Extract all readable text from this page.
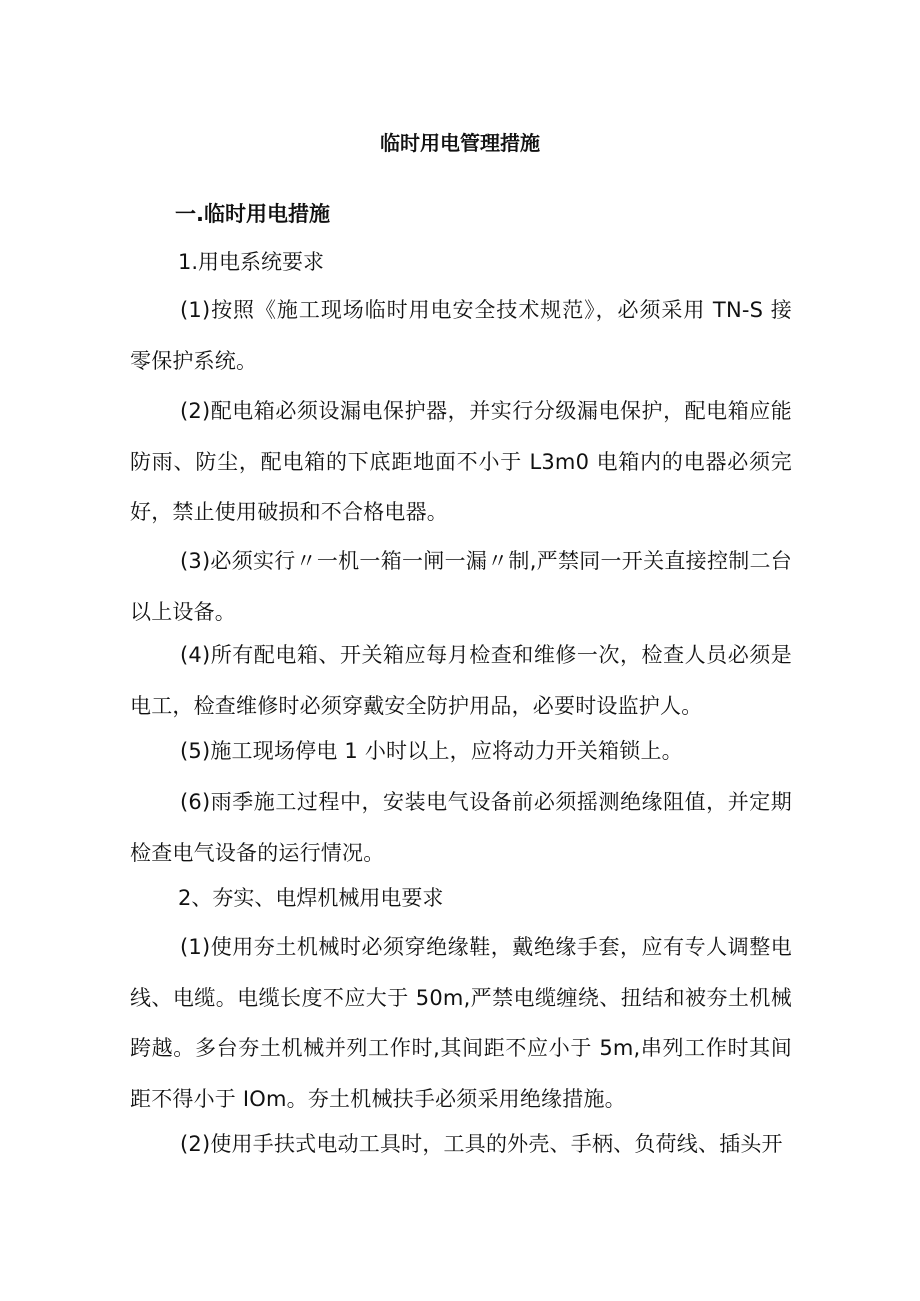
临时用电管理措施
一.临时用电措施
1.用电系统要求

(1)按照《施工现场临时用电安全技术规范》，必须采用 TN-S 接零保护系统。

(2)配电箱必须设漏电保护器，并实行分级漏电保护，配电箱应能防雨、防尘，配电箱的下底距地面不小于 L3m0 电箱内的电器必须完好，禁止使用破损和不合格电器。

(3)必须实行〃一机一箱一闸一漏〃制,严禁同一开关直接控制二台以上设备。

(4)所有配电箱、开关箱应每月检查和维修一次，检查人员必须是电工，检查维修时必须穿戴安全防护用品，必要时设监护人。

(5)施工现场停电 1 小时以上，应将动力开关箱锁上。

(6)雨季施工过程中，安装电气设备前必须摇测绝缘阻值，并定期检查电气设备的运行情况。

2、夯实、电焊机械用电要求

(1)使用夯土机械时必须穿绝缘鞋，戴绝缘手套，应有专人调整电线、电缆。电缆长度不应大于 50m,严禁电缆缠绕、扭结和被夯土机械跨越。多台夯土机械并列工作时,其间距不应小于 5m,串列工作时其间距不得小于 IOm。夯土机械扶手必须采用绝缘措施。

(2)使用手扶式电动工具时，工具的外壳、手柄、负荷线、插头开
